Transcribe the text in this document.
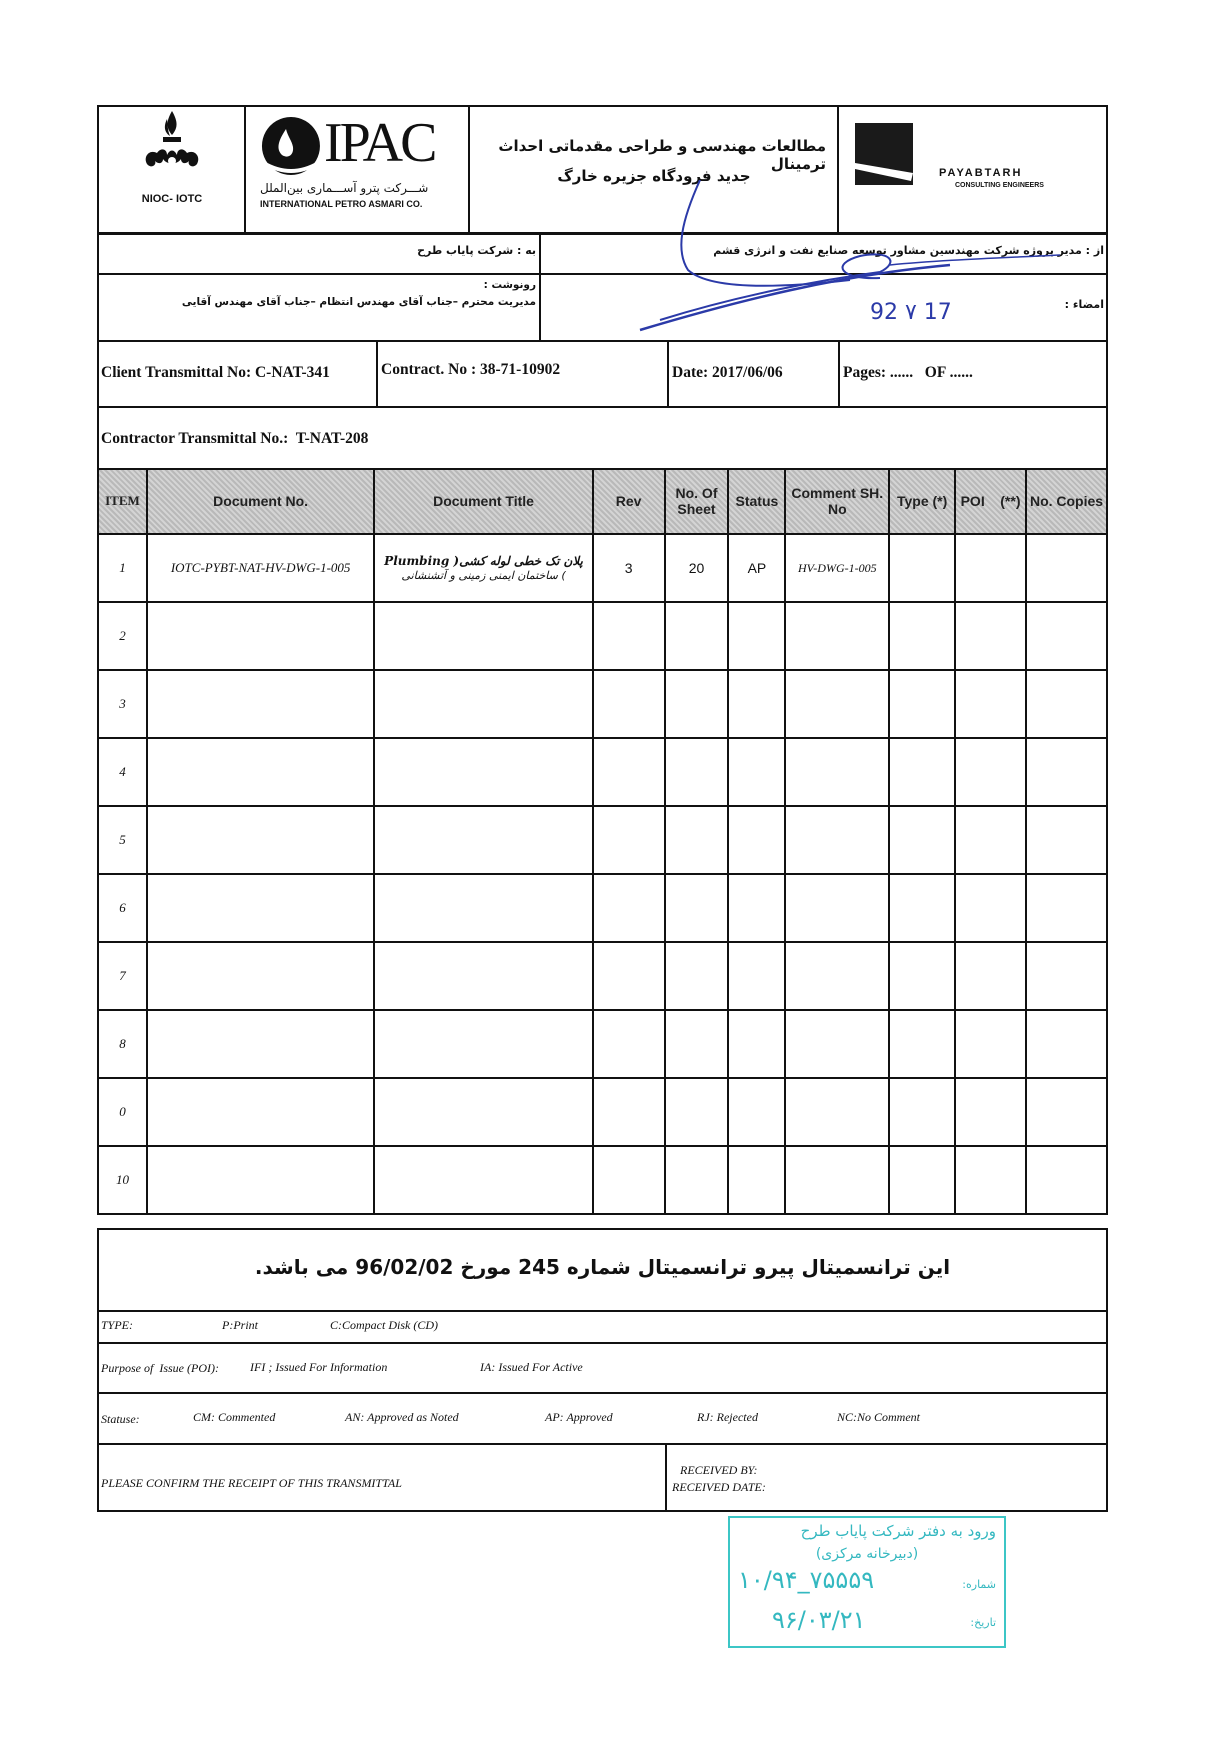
NIOC- IOTC
IPAC
شـــركت پترو آســـمارى بين‌الملل
INTERNATIONAL PETRO ASMARI CO.
مطالعات مهندسی و طراحی مقدماتی احداث ترمینال
جدید فرودگاه جزیره خارگ	PAYABTARH
CONSULTING ENGINEERS
به : شرکت پایاب طرح	از : مدیر پروژه شرکت مهندسین مشاور توسعه صنایع نفت و انرژی قشم
رونوشت :
مدیریت محترم –جناب آقای مهندس انتظام –جناب آقای مهندس آقایی	امضاء :
92 ۷ 17
Client Transmittal No: C-NAT-341	Contract. No : 38-71-10902	Date: 2017/06/06	Pages: ......   OF ......
Contractor Transmittal No.:  T-NAT-208
ITEM	Document No.	Document Title	Rev	No. Of Sheet	Status	Comment SH. No	Type (*)	POI    (**)	No. Copies
1	IOTC-PYBT-NAT-HV-DWG-1-005	پلان تک خطی لوله کشی( Plumbing
) ساختمان ایمنی زمینی و آتشنشانی	3	20	AP	HV-DWG-1-005			
2									
3									
4									
5									
6									
7									
8									
0									
10									
این ترانسمیتال پیرو ترانسمیتال شماره 245 مورخ 96/02/02 می باشد.
TYPE:	P:Print	C:Compact Disk (CD)
Purpose of  Issue (POI):	IFI ; Issued For Information	IA: Issued For Active
Statuse:	CM: Commented	AN: Approved as Noted	AP: Approved	RJ: Rejected	NC:No Comment
PLEASE CONFIRM THE RECEIPT OF THIS TRANSMITTAL
RECEIVED BY:
RECEIVED DATE:
ورود به دفتر شرکت پایاب طرح
(دبیرخانه مرکزی)
شماره:
۱۰/۹۴_۷۵۵۵۹
تاریخ:
۹۶/۰۳/۲۱
